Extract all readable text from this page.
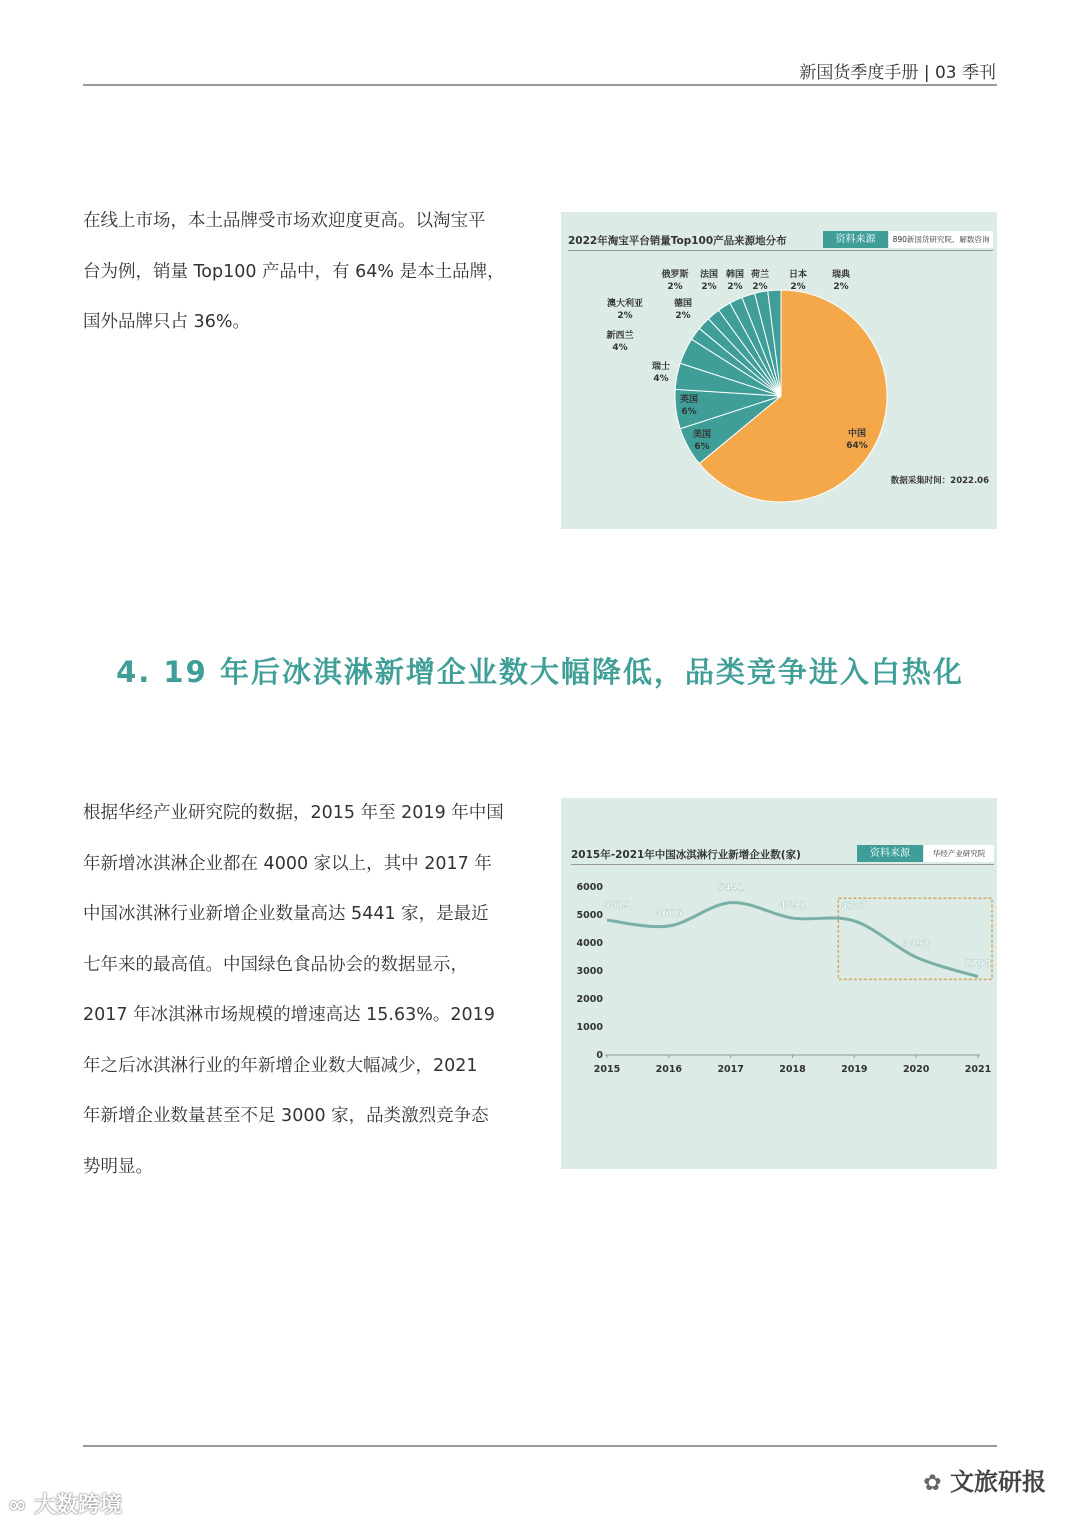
新国货季度手册 | 03 季刊

在线上市场，本土品牌受市场欢迎度更高。以淘宝平

台为例，销量 Top100 产品中，有 64% 是本土品牌，

国外品牌只占 36%。

2022年淘宝平台销量Top100产品来源地分布	资料来源	890新国货研究院、解数咨询
中国
64%
美国
6%
英国
6%
瑞士
4%
新西兰
4%
澳大利亚
2%
俄罗斯
2%
德国
2%
法国
2%
韩国
2%
荷兰
2%
日本
2%
瑞典
2%
数据采集时间：2022.06
4. 19 年后冰淇淋新增企业数大幅降低，品类竞争进入白热化

根据华经产业研究院的数据，2015 年至 2019 年中国

年新增冰淇淋企业都在 4000 家以上，其中 2017 年

中国冰淇淋行业新增企业数量高达 5441 家，是最近

七年来的最高值。中国绿色食品协会的数据显示，

2017 年冰淇淋市场规模的增速高达 15.63%。2019

年之后冰淇淋行业的年新增企业数大幅减少，2021

年新增企业数量甚至不足 3000 家，品类激烈竞争态

势明显。

2015年-2021年中国冰淇淋行业新增企业数(家)	资料来源	华经产业研究院
0
1000
2000
3000
4000
5000
6000
2015	2016	2017	2018	2019	2020	2021
4819
4606
5441
4891	4787
3492
2798
✿ 文旅研报
∞ 大数跨境
